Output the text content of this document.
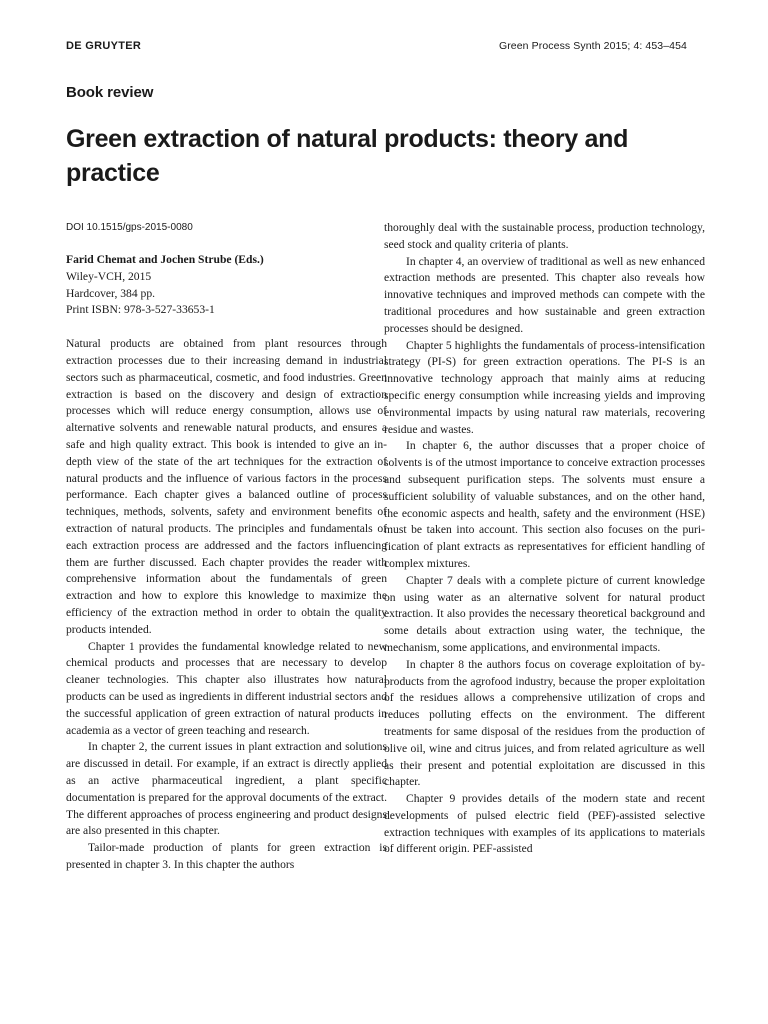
DE GRUYTER	Green Process Synth 2015; 4: 453–454
Book review
Green extraction of natural products: theory and practice
DOI 10.1515/gps-2015-0080

Farid Chemat and Jochen Strube (Eds.)

Wiley-VCH, 2015

Hardcover, 384 pp.

Print ISBN: 978-3-527-33653-1

Natural products are obtained from plant resources through extraction processes due to their increasing demand in industrial sectors such as pharmaceutical, cosmetic, and food industries. Green extraction is based on the discovery and design of extraction processes which will reduce energy consumption, allows use of alternative solvents and renewable natural products, and ensures a safe and high quality extract. This book is intended to give an in-depth view of the state of the art techniques for the extraction of natural products and the influence of various factors in the process performance. Each chapter gives a balanced outline of process techniques, methods, solvents, safety and environment benefits of extraction of natural products. The principles and fundamentals of each extraction process are addressed and the factors influencing them are further discussed. Each chapter provides the reader with comprehensive information about the fundamentals of green extraction and how to explore this knowledge to maximize the efficiency of the extraction method in order to obtain the quality products intended.

Chapter 1 provides the fundamental knowledge related to new chemical products and processes that are necessary to develop cleaner technologies. This chapter also illustrates how natural products can be used as ingredients in different industrial sectors and the successful application of green extraction of natural products in academia as a vector of green teaching and research.

In chapter 2, the current issues in plant extraction and solutions are discussed in detail. For example, if an extract is directly applied as an active pharmaceutical ingredient, a plant specific documentation is prepared for the approval documents of the extract. The different approaches of process engineering and product designs are also presented in this chapter.

Tailor-made production of plants for green extraction is presented in chapter 3. In this chapter the authors

thoroughly deal with the sustainable process, production technology, seed stock and quality criteria of plants.

In chapter 4, an overview of traditional as well as new enhanced extraction methods are presented. This chapter also reveals how innovative techniques and improved methods can compete with the traditional procedures and how sustainable and green extraction processes should be designed.

Chapter 5 highlights the fundamentals of process-intensification strategy (PI-S) for green extraction operations. The PI-S is an innovative technology approach that mainly aims at reducing specific energy consumption while increasing yields and improving environmental impacts by using natural raw materials, recovering residue and wastes.

In chapter 6, the author discusses that a proper choice of solvents is of the utmost importance to conceive extraction processes and subsequent purification steps. The solvents must ensure a sufficient solubility of valuable substances, and on the other hand, the economic aspects and health, safety and the environment (HSE) must be taken into account. This section also focuses on the purification of plant extracts as representatives for efficient handling of complex mixtures.

Chapter 7 deals with a complete picture of current knowledge on using water as an alternative solvent for natural product extraction. It also provides the necessary theoretical background and some details about extraction using water, the technique, the mechanism, some applications, and environmental impacts.

In chapter 8 the authors focus on coverage exploitation of by-products from the agrofood industry, because the proper exploitation of the residues allows a comprehensive utilization of crops and reduces polluting effects on the environment. The different treatments for same disposal of the residues from the production of olive oil, wine and citrus juices, and from related agriculture as well as their present and potential exploitation are discussed in this chapter.

Chapter 9 provides details of the modern state and recent developments of pulsed electric field (PEF)-assisted selective extraction techniques with examples of its applications to materials of different origin. PEF-assisted
